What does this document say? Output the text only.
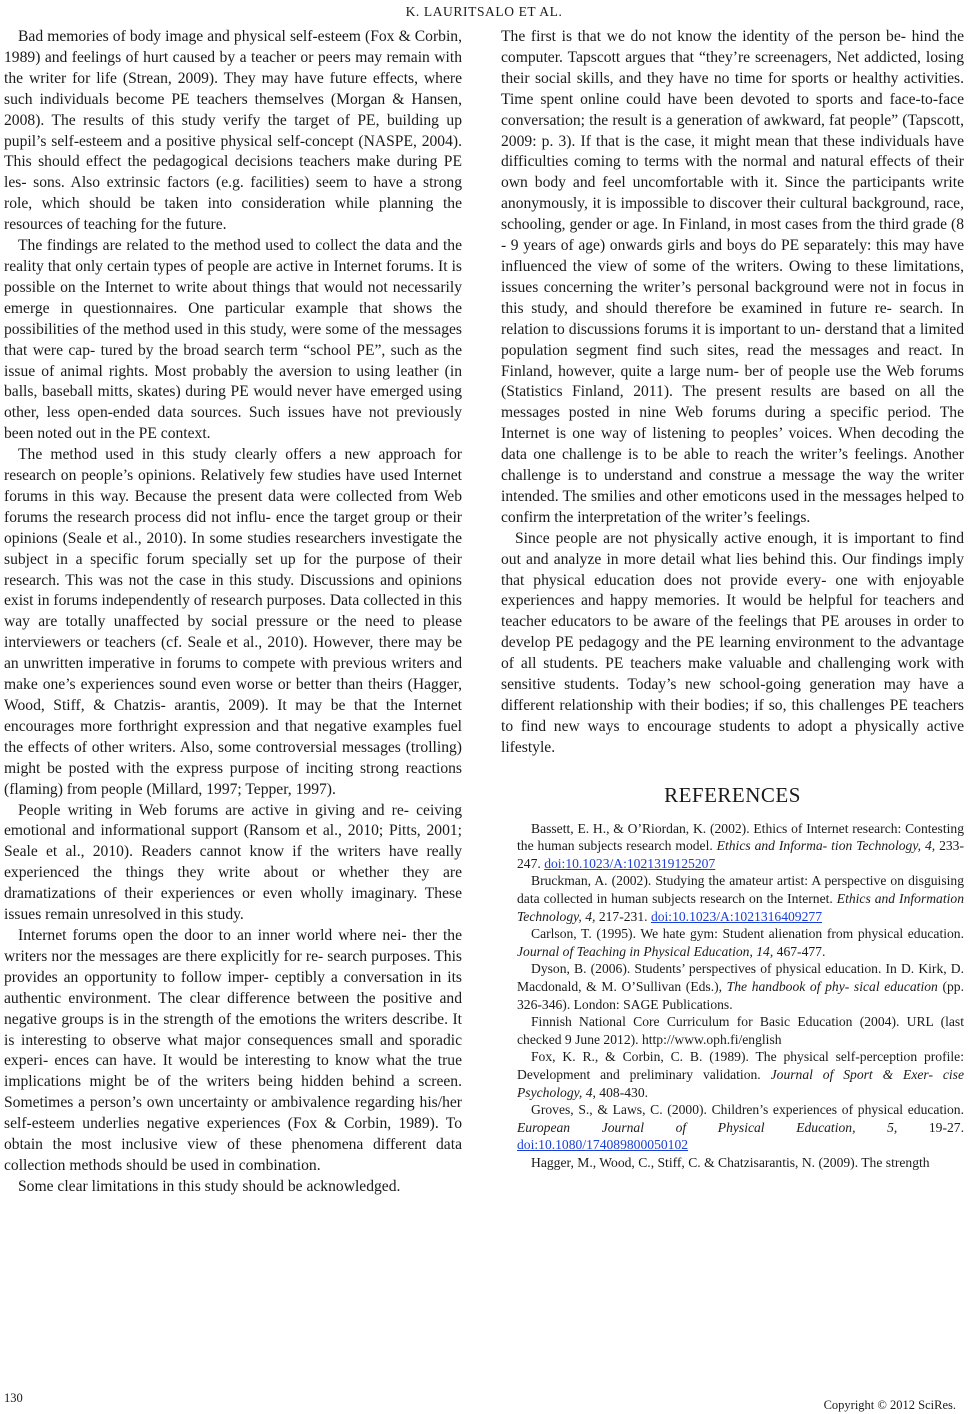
K. LAURITSALO ET AL.

Bad memories of body image and physical self-esteem (Fox & Corbin, 1989) and feelings of hurt caused by a teacher or peers may remain with the writer for life (Strean, 2009). They may have future effects, where such individuals become PE teachers themselves (Morgan & Hansen, 2008). The results of this study verify the target of PE, building up pupil’s self-esteem and a positive physical self-concept (NASPE, 2004). This should effect the pedagogical decisions teachers make during PE les- sons. Also extrinsic factors (e.g. facilities) seem to have a strong role, which should be taken into consideration while planning the resources of teaching for the future.

The findings are related to the method used to collect the data and the reality that only certain types of people are active in Internet forums. It is possible on the Internet to write about things that would not necessarily emerge in questionnaires. One particular example that shows the possibilities of the method used in this study, were some of the messages that were cap- tured by the broad search term “school PE”, such as the issue of animal rights. Most probably the aversion to using leather (in balls, baseball mitts, skates) during PE would never have emerged using other, less open-ended data sources. Such issues have not previously been noted out in the PE context.

The method used in this study clearly offers a new approach for research on people’s opinions. Relatively few studies have used Internet forums in this way. Because the present data were collected from Web forums the research process did not influ- ence the target group or their opinions (Seale et al., 2010). In some studies researchers investigate the subject in a specific forum specially set up for the purpose of their research. This was not the case in this study. Discussions and opinions exist in forums independently of research purposes. Data collected in this way are totally unaffected by social pressure or the need to please interviewers or teachers (cf. Seale et al., 2010). However, there may be an unwritten imperative in forums to compete with previous writers and make one’s experiences sound even worse or better than theirs (Hagger, Wood, Stiff, & Chatzis- arantis, 2009). It may be that the Internet encourages more forthright expression and that negative examples fuel the effects of other writers. Also, some controversial messages (trolling) might be posted with the express purpose of inciting strong reactions (flaming) from people (Millard, 1997; Tepper, 1997).

People writing in Web forums are active in giving and re- ceiving emotional and informational support (Ransom et al., 2010; Pitts, 2001; Seale et al., 2010). Readers cannot know if the writers have really experienced the things they write about or whether they are dramatizations of their experiences or even wholly imaginary. These issues remain unresolved in this study.

Internet forums open the door to an inner world where nei- ther the writers nor the messages are there explicitly for re- search purposes. This provides an opportunity to follow imper- ceptibly a conversation in its authentic environment. The clear difference between the positive and negative groups is in the strength of the emotions the writers describe. It is interesting to observe what major consequences small and sporadic experi- ences can have. It would be interesting to know what the true implications might be of the writers being hidden behind a screen. Sometimes a person’s own uncertainty or ambivalence regarding his/her self-esteem underlies negative experiences (Fox & Corbin, 1989). To obtain the most inclusive view of these phenomena different data collection methods should be used in combination.

Some clear limitations in this study should be acknowledged.

The first is that we do not know the identity of the person be- hind the computer. Tapscott argues that “they’re screenagers, Net addicted, losing their social skills, and they have no time for sports or healthy activities. Time spent online could have been devoted to sports and face-to-face conversation; the result is a generation of awkward, fat people” (Tapscott, 2009: p. 3). If that is the case, it might mean that these individuals have difficulties coming to terms with the normal and natural effects of their own body and feel uncomfortable with it. Since the participants write anonymously, it is impossible to discover their cultural background, race, schooling, gender or age. In Finland, in most cases from the third grade (8 - 9 years of age) onwards girls and boys do PE separately: this may have influenced the view of some of the writers. Owing to these limitations, issues concerning the writer’s personal background were not in focus in this study, and should therefore be examined in future re- search. In relation to discussions forums it is important to un- derstand that a limited population segment find such sites, read the messages and react. In Finland, however, quite a large num- ber of people use the Web forums (Statistics Finland, 2011). The present results are based on all the messages posted in nine Web forums during a specific period. The Internet is one way of listening to peoples’ voices. When decoding the data one challenge is to be able to reach the writer’s feelings. Another challenge is to understand and construe a message the way the writer intended. The smilies and other emoticons used in the messages helped to confirm the interpretation of the writer’s feelings.

Since people are not physically active enough, it is important to find out and analyze in more detail what lies behind this. Our findings imply that physical education does not provide every- one with enjoyable experiences and happy memories. It would be helpful for teachers and teacher educators to be aware of the feelings that PE arouses in order to develop PE pedagogy and the PE learning environment to the advantage of all students. PE teachers make valuable and challenging work with sensitive students. Today’s new school-going generation may have a different relationship with their bodies; if so, this challenges PE teachers to find new ways to encourage students to adopt a physically active lifestyle.

REFERENCES

Bassett, E. H., & O’Riordan, K. (2002). Ethics of Internet research: Contesting the human subjects research model. Ethics and Informa- tion Technology, 4, 233-247. doi:10.1023/A:1021319125207

Bruckman, A. (2002). Studying the amateur artist: A perspective on disguising data collected in human subjects research on the Internet. Ethics and Information Technology, 4, 217-231. doi:10.1023/A:1021316409277

Carlson, T. (1995). We hate gym: Student alienation from physical education. Journal of Teaching in Physical Education, 14, 467-477.

Dyson, B. (2006). Students’ perspectives of physical education. In D. Kirk, D. Macdonald, & M. O’Sullivan (Eds.), The handbook of phy- sical education (pp. 326-346). London: SAGE Publications.

Finnish National Core Curriculum for Basic Education (2004). URL (last checked 9 June 2012). http://www.oph.fi/english

Fox, K. R., & Corbin, C. B. (1989). The physical self-perception profile: Development and preliminary validation. Journal of Sport & Exer- cise Psychology, 4, 408-430.

Groves, S., & Laws, C. (2000). Children’s experiences of physical education. European Journal of Physical Education, 5, 19-27. doi:10.1080/174089800050102

Hagger, M., Wood, C., Stiff, C. & Chatzisarantis, N. (2009). The strength

130	Copyright © 2012 SciRes.
